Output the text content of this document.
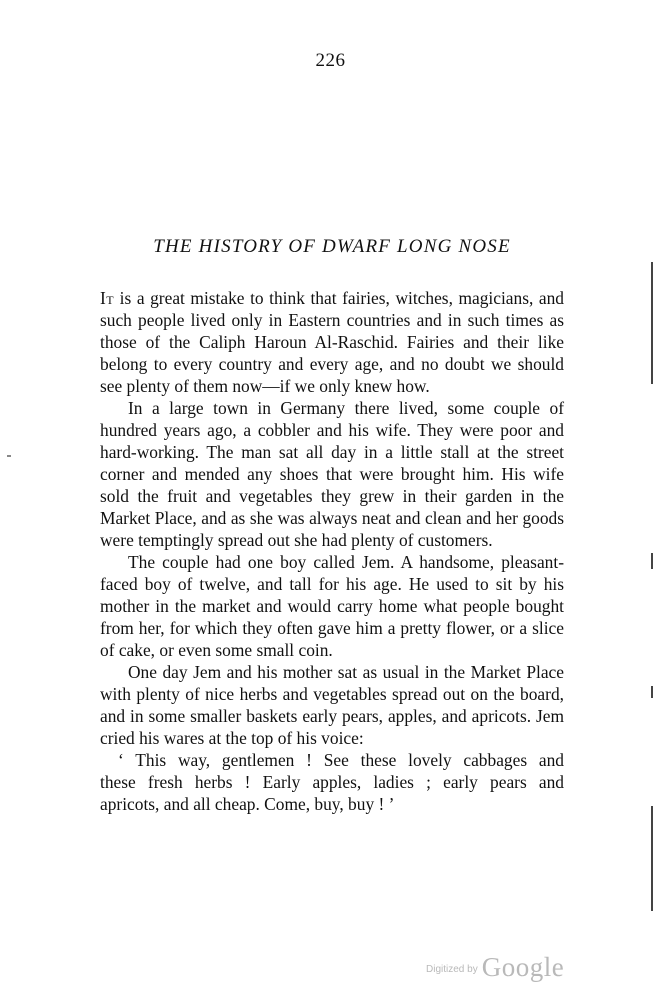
226
THE HISTORY OF DWARF LONG NOSE

It is a great mistake to think that fairies, witches, magicians, and such people lived only in Eastern countries and in such times as those of the Caliph Haroun Al-Raschid. Fairies and their like belong to every country and every age, and no doubt we should see plenty of them now—if we only knew how.

In a large town in Germany there lived, some couple of hundred years ago, a cobbler and his wife. They were poor and hard-working. The man sat all day in a little stall at the street corner and mended any shoes that were brought him. His wife sold the fruit and vegetables they grew in their garden in the Market Place, and as she was always neat and clean and her goods were temptingly spread out she had plenty of customers.

The couple had one boy called Jem. A handsome, pleasant-faced boy of twelve, and tall for his age. He used to sit by his mother in the market and would carry home what people bought from her, for which they often gave him a pretty flower, or a slice of cake, or even some small coin.

One day Jem and his mother sat as usual in the Market Place with plenty of nice herbs and vegetables spread out on the board, and in some smaller baskets early pears, apples, and apricots. Jem cried his wares at the top of his voice:

‘ This way, gentlemen ! See these lovely cabbages and
these fresh herbs ! Early apples, ladies ; early pears and
apricots, and all cheap. Come, buy, buy ! ’

$^{Digitized by}$ Google
